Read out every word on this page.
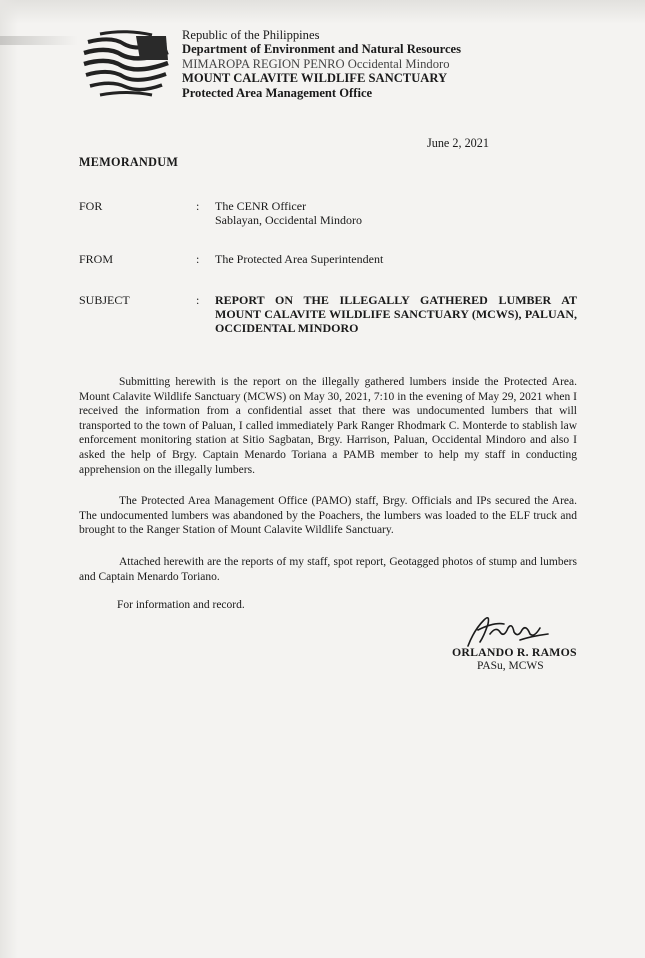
Republic of the Philippines
Department of Environment and Natural Resources
MIMAROPA REGION PENRO Occidental Mindoro
MOUNT CALAVITE WILDLIFE SANCTUARY
Protected Area Management Office
June 2, 2021
MEMORANDUM
FOR	: The CENR Officer
Sablayan, Occidental Mindoro
FROM	: The Protected Area Superintendent
SUBJECT	: REPORT ON THE ILLEGALLY GATHERED LUMBER AT MOUNT CALAVITE WILDLIFE SANCTUARY (MCWS), PALUAN, OCCIDENTAL MINDORO
Submitting herewith is the report on the illegally gathered lumbers inside the Protected Area. Mount Calavite Wildlife Sanctuary (MCWS) on May 30, 2021, 7:10 in the evening of May 29, 2021 when I received the information from a confidential asset that there was undocumented lumbers that will transported to the town of Paluan, I called immediately Park Ranger Rhodmark C. Monterde to stablish law enforcement monitoring station at Sitio Sagbatan, Brgy. Harrison, Paluan, Occidental Mindoro and also I asked the help of Brgy. Captain Menardo Toriana a PAMB member to help my staff in conducting apprehension on the illegally lumbers.
The Protected Area Management Office (PAMO) staff, Brgy. Officials and IPs secured the Area. The undocumented lumbers was abandoned by the Poachers, the lumbers was loaded to the ELF truck and brought to the Ranger Station of Mount Calavite Wildlife Sanctuary.
Attached herewith are the reports of my staff, spot report, Geotagged photos of stump and lumbers and Captain Menardo Toriano.
For information and record.
ORLANDO R. RAMOS
PASu, MCWS
